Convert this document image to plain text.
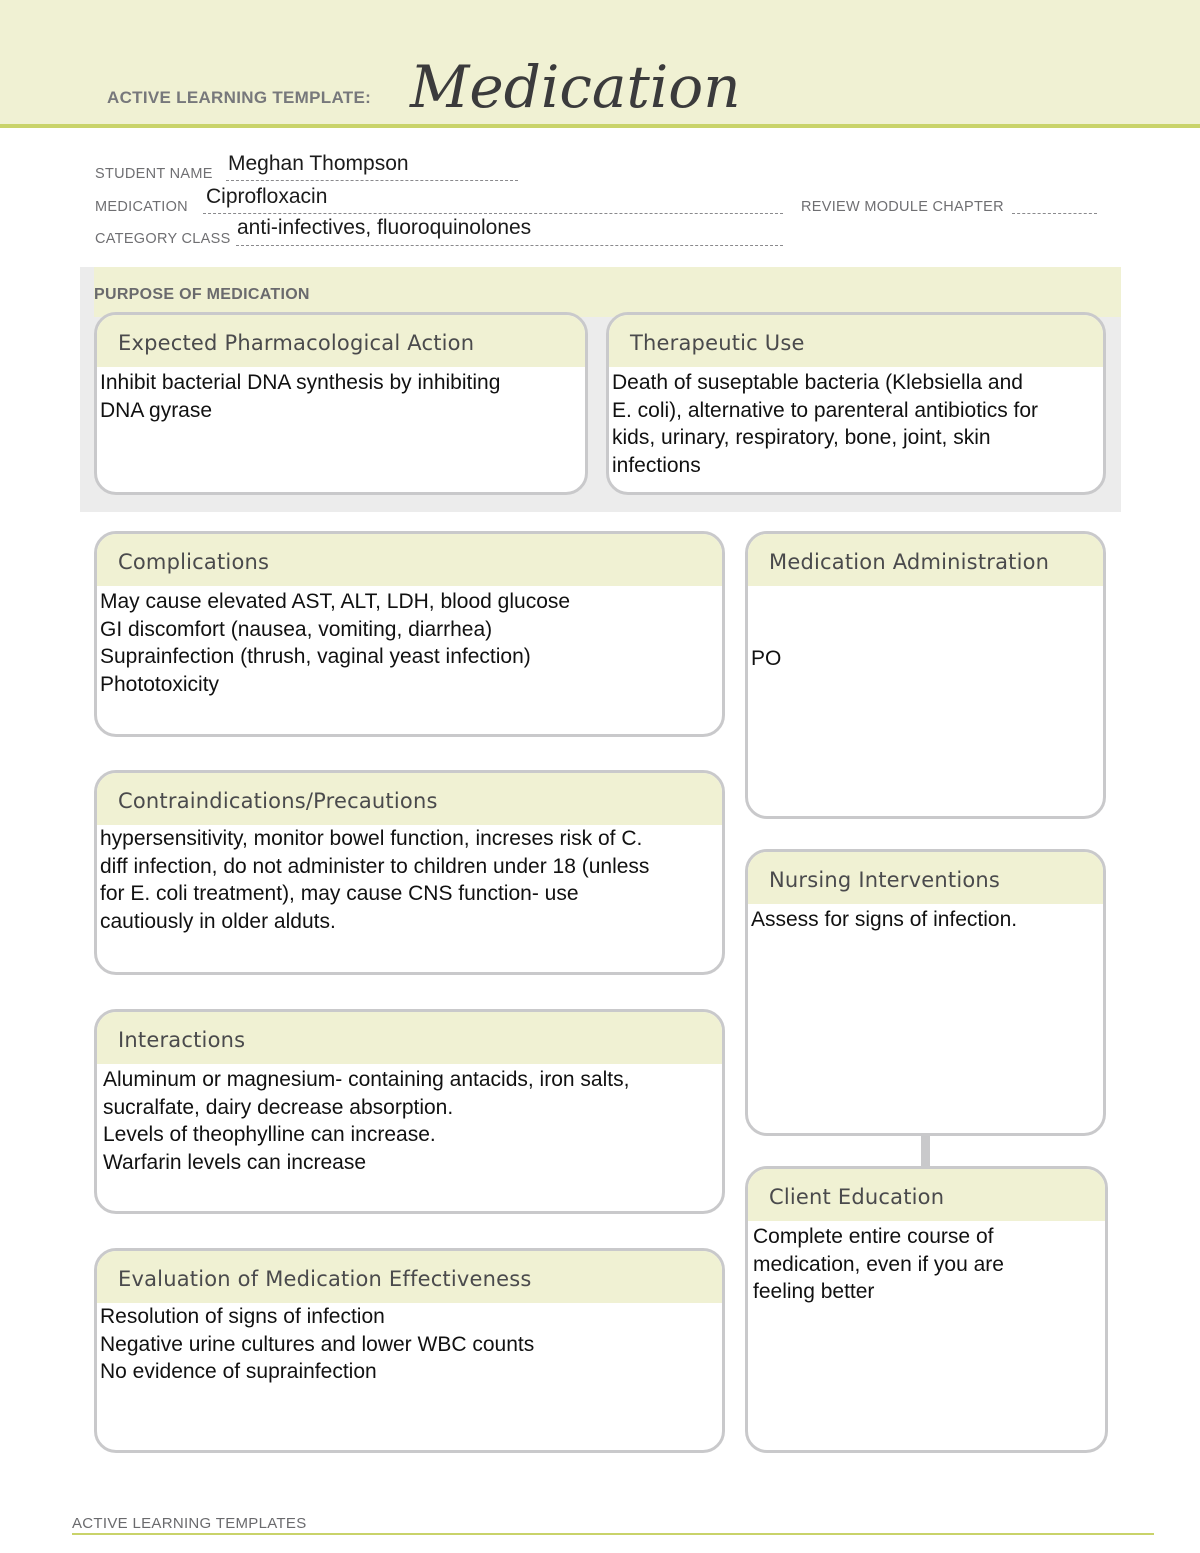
ACTIVE LEARNING TEMPLATE: Medication
STUDENT NAME Meghan Thompson
MEDICATION Ciprofloxacin	REVIEW MODULE CHAPTER
CATEGORY CLASS anti-infectives, fluoroquinolones
PURPOSE OF MEDICATION
Expected Pharmacological Action
Inhibit bacterial DNA synthesis by inhibiting
DNA gyrase
Therapeutic Use
Death of suseptable bacteria (Klebsiella and
E. coli), alternative to parenteral antibiotics for
kids, urinary, respiratory, bone, joint, skin
infections
Complications
May cause elevated AST, ALT, LDH, blood glucose
GI discomfort (nausea, vomiting, diarrhea)
Suprainfection (thrush, vaginal yeast infection)
Phototoxicity
Contraindications/Precautions
hypersensitivity, monitor bowel function, increses risk of C.
diff infection, do not administer to children under 18 (unless
for E. coli treatment), may cause CNS function- use
cautiously in older alduts.
Interactions
Aluminum or magnesium- containing antacids, iron salts,
sucralfate, dairy decrease absorption.
Levels of theophylline can increase.
Warfarin levels can increase
Evaluation of Medication Effectiveness
Resolution of signs of infection
Negative urine cultures and lower WBC counts
No evidence of suprainfection
Medication Administration

PO

Nursing Interventions
Assess for signs of infection.
Client Education
Complete entire course of
medication, even if you are
feeling better
ACTIVE LEARNING TEMPLATES
